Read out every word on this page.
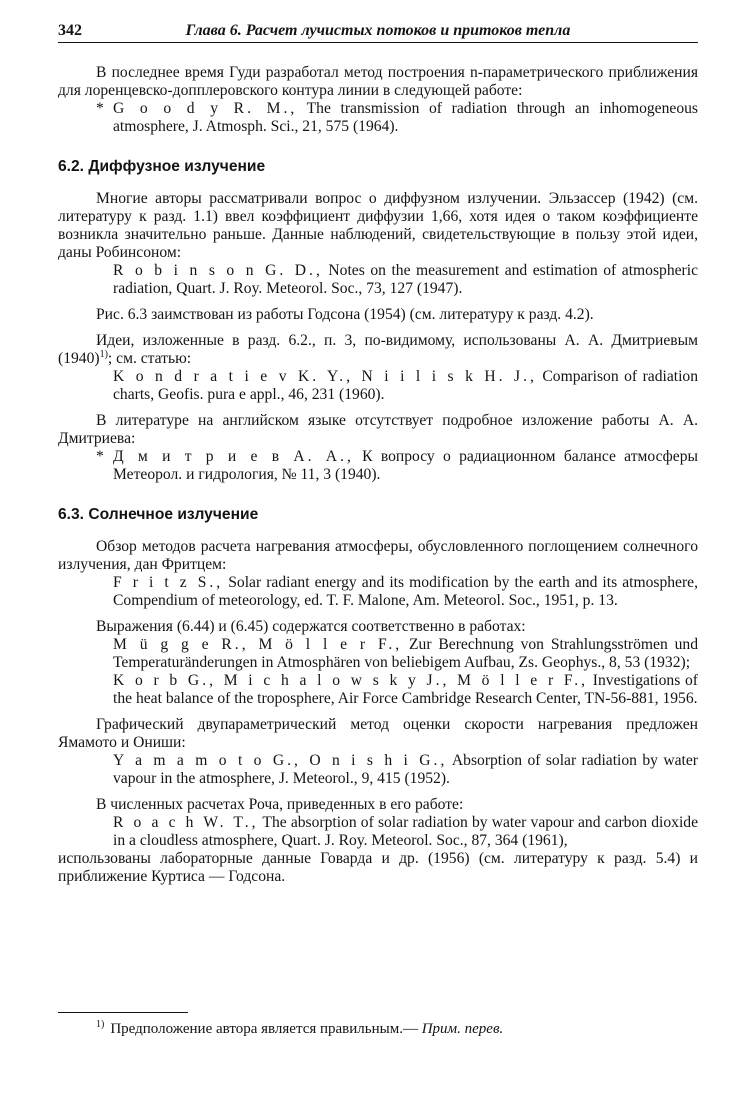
342	Глава 6. Расчет лучистых потоков и притоков тепла

В последнее время Гуди разработал метод построения n-параметрического приближения для лоренцевско-допплеровского контура линии в следующей работе:

* G o o d y R. M., The transmission of radiation through an inhomogeneous atmosphere, J. Atmosph. Sci., 21, 575 (1964).

6.2. Диффузное излучение

Многие авторы рассматривали вопрос о диффузном излучении. Эльзассер (1942) (см. литературу к разд. 1.1) ввел коэффициент диффузии 1,66, хотя идея о таком коэффициенте возникла значительно раньше. Данные наблюдений, свидетельствующие в пользу этой идеи, даны Робинсоном:

R o b i n s o n G. D., Notes on the measurement and estimation of atmospheric radiation, Quart. J. Roy. Meteorol. Soc., 73, 127 (1947).

Рис. 6.3 заимствован из работы Годсона (1954) (см. литературу к разд. 4.2).

Идеи, изложенные в разд. 6.2., п. 3, по-видимому, использованы А. А. Дмитриевым $(1940)^{1)}$; см. статью:

K o n d r a t i e v K. Y., N i i l i s k H. J., Comparison of radiation charts, Geofis. pura e appl., 46, 231 (1960).

В литературе на английском языке отсутствует подробное изложение работы А. А. Дмитриева:

* Д м и т р и е в А. А., К вопросу о радиационном балансе атмосферы Метеорол. и гидрология, № 11, 3 (1940).

6.3. Солнечное излучение

Обзор методов расчета нагревания атмосферы, обусловленного поглощением солнечного излучения, дан Фритцем:

F r i t z S., Solar radiant energy and its modification by the earth and its atmosphere, Compendium of meteorology, ed. T. F. Malone, Am. Meteorol. Soc., 1951, p. 13.

Выражения (6.44) и (6.45) содержатся соответственно в работах:

M ü g g e R., M ö l l e r F., Zur Berechnung von Strahlungsströmen und Temperaturänderungen in Atmosphären von beliebigem Aufbau, Zs. Geophys., 8, 53 (1932);

K o r b G., M i c h a l o w s k y J., M ö l l e r F., Investigations of the heat balance of the troposphere, Air Force Cambridge Research Center, TN-56-881, 1956.

Графический двупараметрический метод оценки скорости нагревания предложен Ямамото и Ониши:

Y a m a m o t o G., O n i s h i G., Absorption of solar radiation by water vapour in the atmosphere, J. Meteorol., 9, 415 (1952).

В численных расчетах Роча, приведенных в его работе:

R o a c h W. T., The absorption of solar radiation by water vapour and carbon dioxide in a cloudless atmosphere, Quart. J. Roy. Meteorol. Soc., 87, 364 (1961),

использованы лабораторные данные Говарда и др. (1956) (см. литературу к разд. 5.4) и приближение Куртиса — Годсона.

$^{1)}$ Предположение автора является правильным.— Прим. перев.
